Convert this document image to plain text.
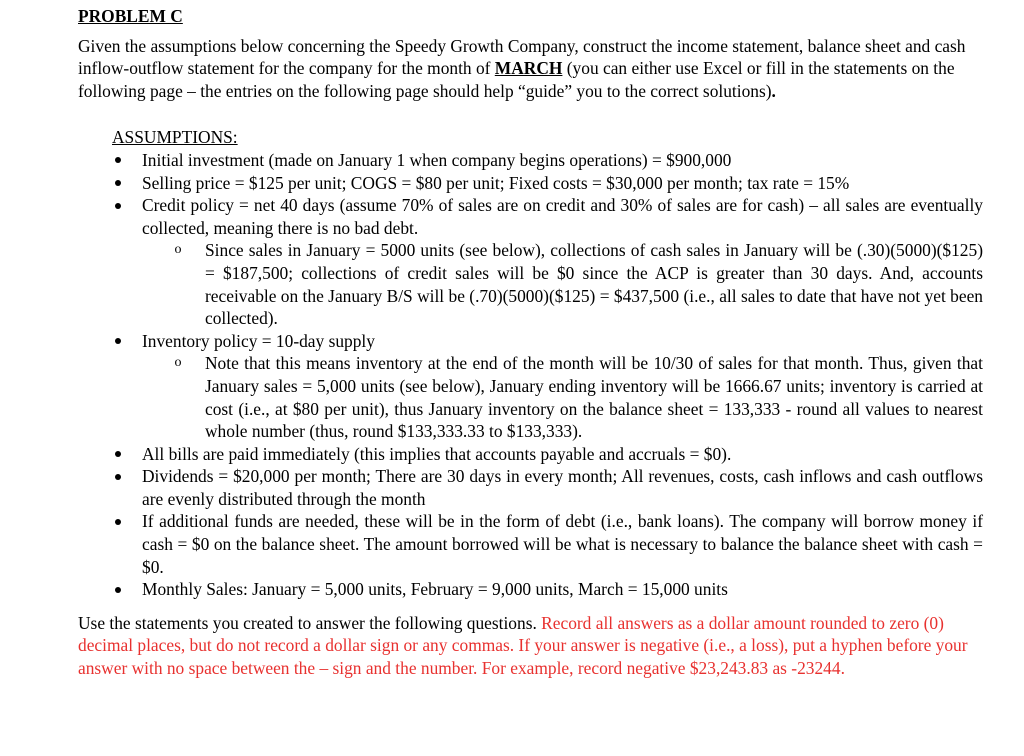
PROBLEM C

Given the assumptions below concerning the Speedy Growth Company, construct the income statement, balance sheet and cash inflow-outflow statement for the company for the month of MARCH (you can either use Excel or fill in the statements on the following page – the entries on the following page should help “guide” you to the correct solutions).

ASSUMPTIONS:
Initial investment (made on January 1 when company begins operations) = $900,000
Selling price = $125 per unit; COGS = $80 per unit; Fixed costs = $30,000 per month; tax rate = 15%
Credit policy = net 40 days (assume 70% of sales are on credit and 30% of sales are for cash) – all sales are eventually collected, meaning there is no bad debt.
o Since sales in January = 5000 units (see below), collections of cash sales in January will be (.30)(5000)($125) = $187,500; collections of credit sales will be $0 since the ACP is greater than 30 days. And, accounts receivable on the January B/S will be (.70)(5000)($125) = $437,500 (i.e., all sales to date that have not yet been collected).
Inventory policy = 10-day supply
o Note that this means inventory at the end of the month will be 10/30 of sales for that month. Thus, given that January sales = 5,000 units (see below), January ending inventory will be 1666.67 units; inventory is carried at cost (i.e., at $80 per unit), thus January inventory on the balance sheet = 133,333 - round all values to nearest whole number (thus, round $133,333.33 to $133,333).
All bills are paid immediately (this implies that accounts payable and accruals = $0).
Dividends = $20,000 per month; There are 30 days in every month; All revenues, costs, cash inflows and cash outflows are evenly distributed through the month
If additional funds are needed, these will be in the form of debt (i.e., bank loans). The company will borrow money if cash = $0 on the balance sheet. The amount borrowed will be what is necessary to balance the balance sheet with cash = $0.
Monthly Sales: January = 5,000 units, February = 9,000 units, March = 15,000 units

Use the statements you created to answer the following questions. Record all answers as a dollar amount rounded to zero (0) decimal places, but do not record a dollar sign or any commas. If your answer is negative (i.e., a loss), put a hyphen before your answer with no space between the – sign and the number. For example, record negative $23,243.83 as -23244.
